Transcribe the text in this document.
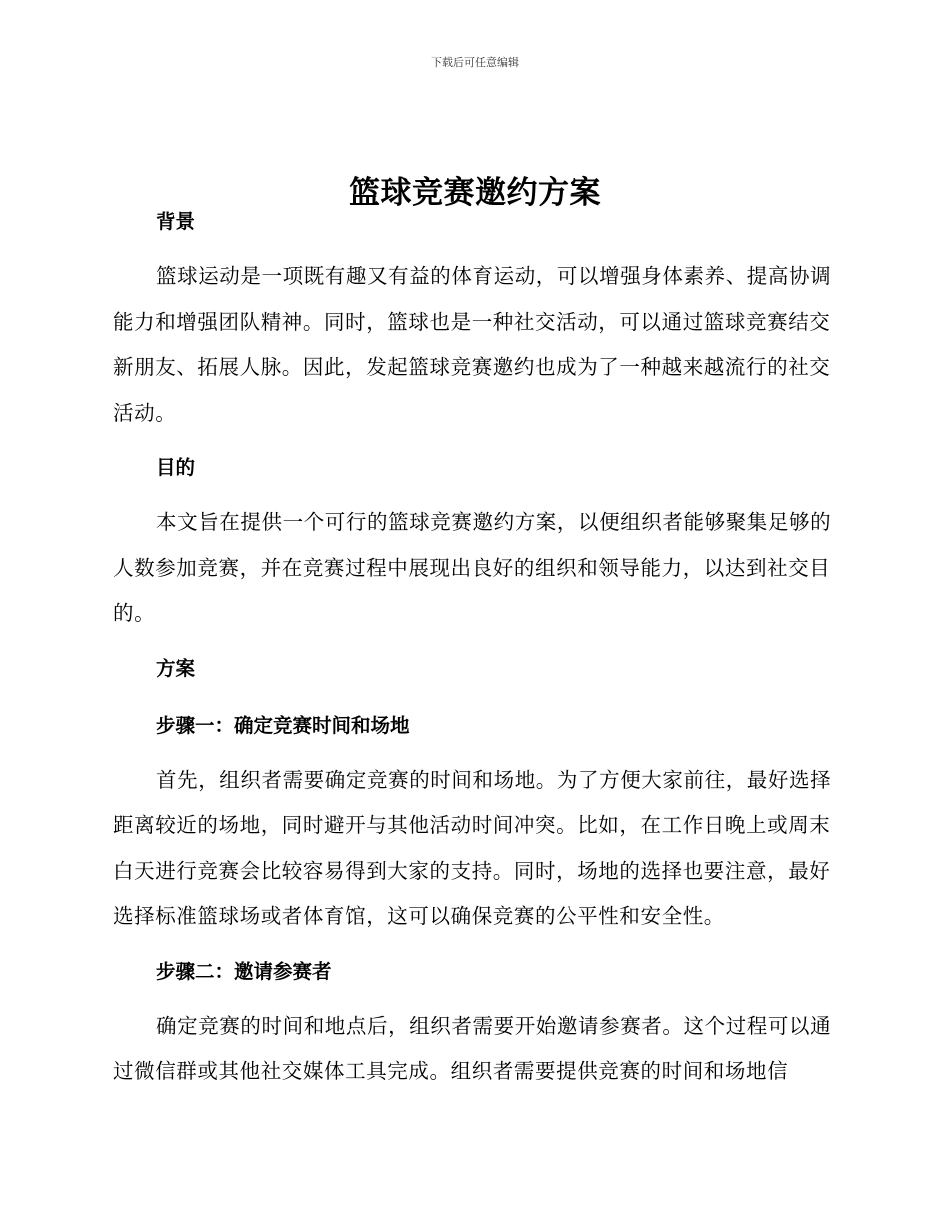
下载后可任意编辑
篮球竞赛邀约方案

背景

篮球运动是一项既有趣又有益的体育运动，可以增强身体素养、提高协调能力和增强团队精神。同时，篮球也是一种社交活动，可以通过篮球竞赛结交新朋友、拓展人脉。因此，发起篮球竞赛邀约也成为了一种越来越流行的社交活动。

目的

本文旨在提供一个可行的篮球竞赛邀约方案，以便组织者能够聚集足够的人数参加竞赛，并在竞赛过程中展现出良好的组织和领导能力，以达到社交目的。

方案

步骤一：确定竞赛时间和场地

首先，组织者需要确定竞赛的时间和场地。为了方便大家前往，最好选择距离较近的场地，同时避开与其他活动时间冲突。比如，在工作日晚上或周末白天进行竞赛会比较容易得到大家的支持。同时，场地的选择也要注意，最好选择标准篮球场或者体育馆，这可以确保竞赛的公平性和安全性。

步骤二：邀请参赛者

确定竞赛的时间和地点后，组织者需要开始邀请参赛者。这个过程可以通过微信群或其他社交媒体工具完成。组织者需要提供竞赛的时间和场地信
